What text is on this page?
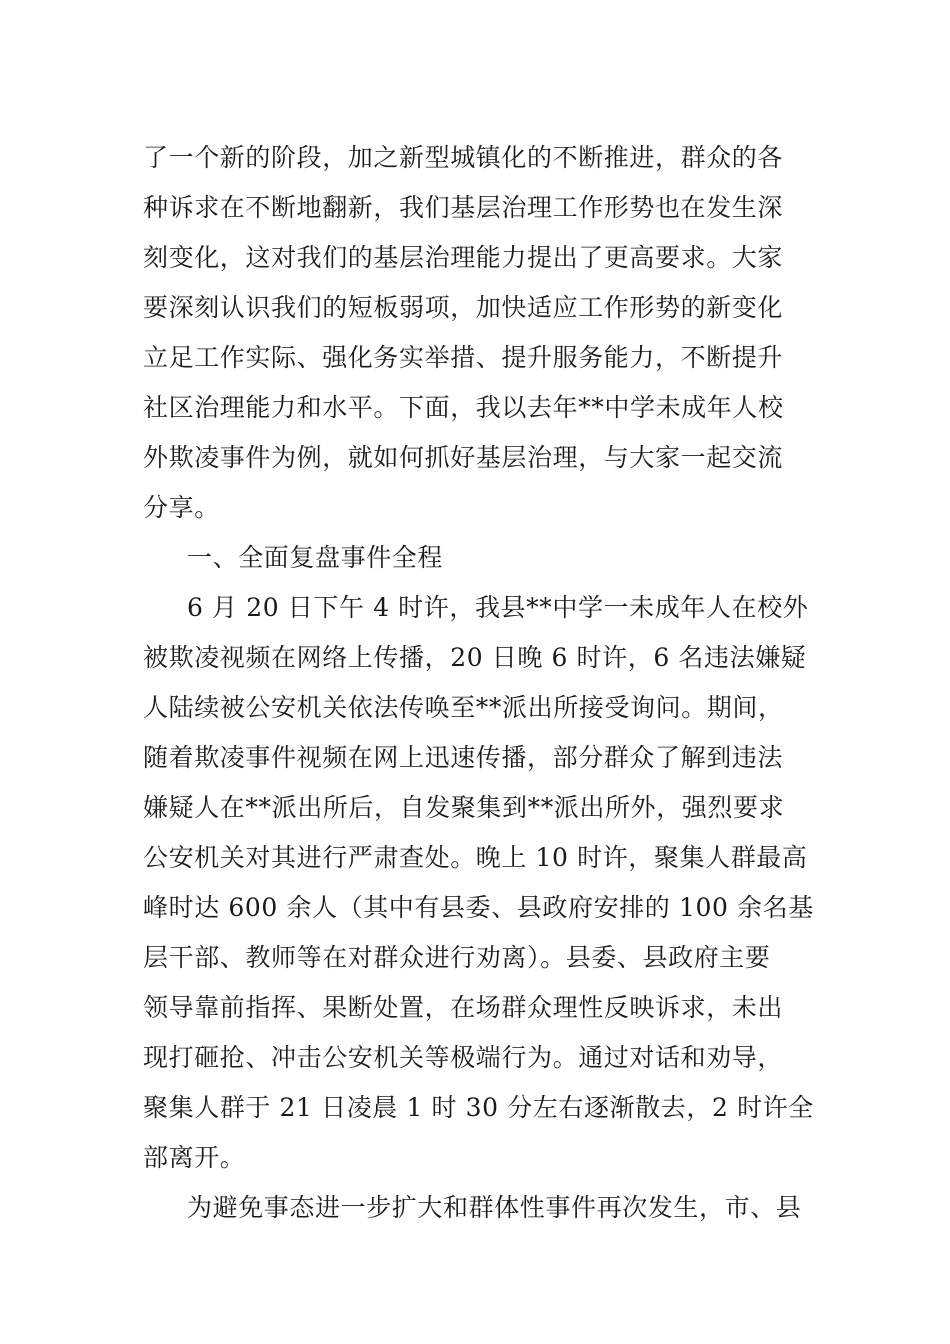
了一个新的阶段，加之新型城镇化的不断推进，群众的各
种诉求在不断地翻新，我们基层治理工作形势也在发生深
刻变化，这对我们的基层治理能力提出了更高要求。大家
要深刻认识我们的短板弱项，加快适应工作形势的新变化
立足工作实际、强化务实举措、提升服务能力，不断提升
社区治理能力和水平。下面，我以去年**中学未成年人校
外欺凌事件为例，就如何抓好基层治理，与大家一起交流
分享。
一、全面复盘事件全程
6 月 20 日下午 4 时许，我县**中学一未成年人在校外
被欺凌视频在网络上传播，20 日晚 6 时许，6 名违法嫌疑
人陆续被公安机关依法传唤至**派出所接受询问。期间，
随着欺凌事件视频在网上迅速传播，部分群众了解到违法
嫌疑人在**派出所后，自发聚集到**派出所外，强烈要求
公安机关对其进行严肃查处。晚上 10 时许，聚集人群最高
峰时达 600 余人（其中有县委、县政府安排的 100 余名基
层干部、教师等在对群众进行劝离）。县委、县政府主要
领导靠前指挥、果断处置，在场群众理性反映诉求，未出
现打砸抢、冲击公安机关等极端行为。通过对话和劝导，
聚集人群于 21 日凌晨 1 时 30 分左右逐渐散去，2 时许全
部离开。
为避免事态进一步扩大和群体性事件再次发生，市、县
